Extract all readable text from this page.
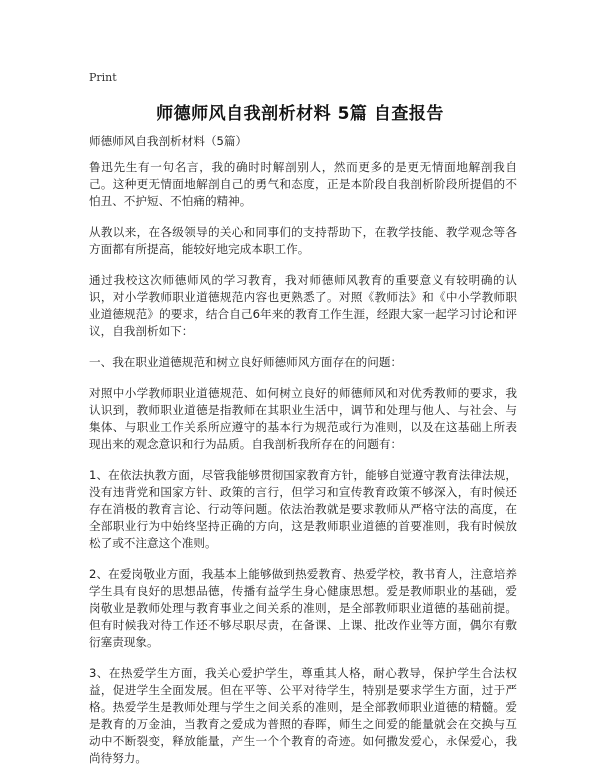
Print
师德师风自我剖析材料 5篇 自查报告

师德师风自我剖析材料（5篇）

鲁迅先生有一句名言，我的确时时解剖别人，然而更多的是更无情面地解剖我自己。这种更无情面地解剖自己的勇气和态度，正是本阶段自我剖析阶段所提倡的不怕丑、不护短、不怕痛的精神。

从教以来，在各级领导的关心和同事们的支持帮助下，在教学技能、教学观念等各方面都有所提高，能较好地完成本职工作。

通过我校这次师德师风的学习教育，我对师德师风教育的重要意义有较明确的认识，对小学教师职业道德规范内容也更熟悉了。对照《教师法》和《中小学教师职业道德规范》的要求，结合自己6年来的教育工作生涯，经跟大家一起学习讨论和评议，自我剖析如下：

一、我在职业道德规范和树立良好师德师风方面存在的问题：

对照中小学教师职业道德规范、如何树立良好的师德师风和对优秀教师的要求，我认识到，教师职业道德是指教师在其职业生活中，调节和处理与他人、与社会、与集体、与职业工作关系所应遵守的基本行为规范或行为准则，以及在这基础上所表现出来的观念意识和行为品质。自我剖析我所存在的问题有：

1、在依法执教方面，尽管我能够贯彻国家教育方针，能够自觉遵守教育法律法规，没有违背党和国家方针、政策的言行，但学习和宣传教育政策不够深入，有时候还存在消极的教育言论、行动等问题。依法治教就是要求教师从严格守法的高度，在全部职业行为中始终坚持正确的方向，这是教师职业道德的首要准则，我有时候放松了或不注意这个准则。

2、在爱岗敬业方面，我基本上能够做到热爱教育、热爱学校，教书育人，注意培养学生具有良好的思想品德，传播有益学生身心健康思想。爱是教师职业的基础，爱岗敬业是教师处理与教育事业之间关系的准则，是全部教师职业道德的基础前提。但有时候我对待工作还不够尽职尽责，在备课、上课、批改作业等方面，偶尔有敷衍塞责现象。

3、在热爱学生方面，我关心爱护学生，尊重其人格，耐心教导，保护学生合法权益，促进学生全面发展。但在平等、公平对待学生，特别是要求学生方面，过于严格。热爱学生是教师处理与学生之间关系的准则，是全部教师职业道德的精髓。爱是教育的万金油，当教育之爱成为普照的春晖，师生之间爱的能量就会在交换与互动中不断裂变，释放能量，产生一个个教育的奇迹。如何撒发爱心，永保爱心，我尚待努力。
